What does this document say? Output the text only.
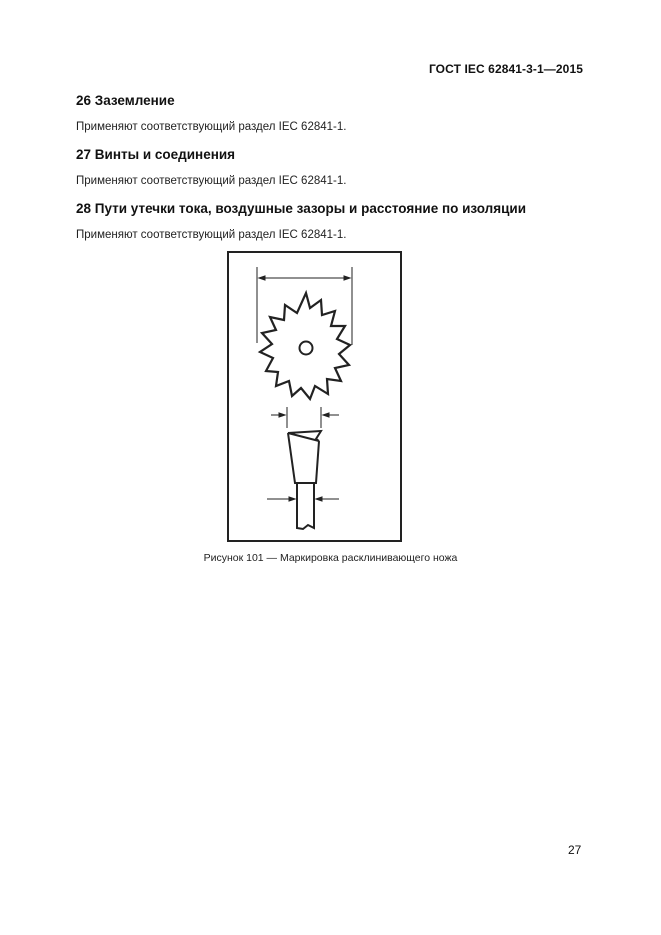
ГОСТ IEC 62841-3-1—2015
26 Заземление
Применяют соответствующий раздел IEC 62841-1.
27 Винты и соединения
Применяют соответствующий раздел IEC 62841-1.
28 Пути утечки тока, воздушные зазоры и расстояние по изоляции
Применяют соответствующий раздел IEC 62841-1.
Рисунок 101 — Маркировка расклинивающего ножа
27
